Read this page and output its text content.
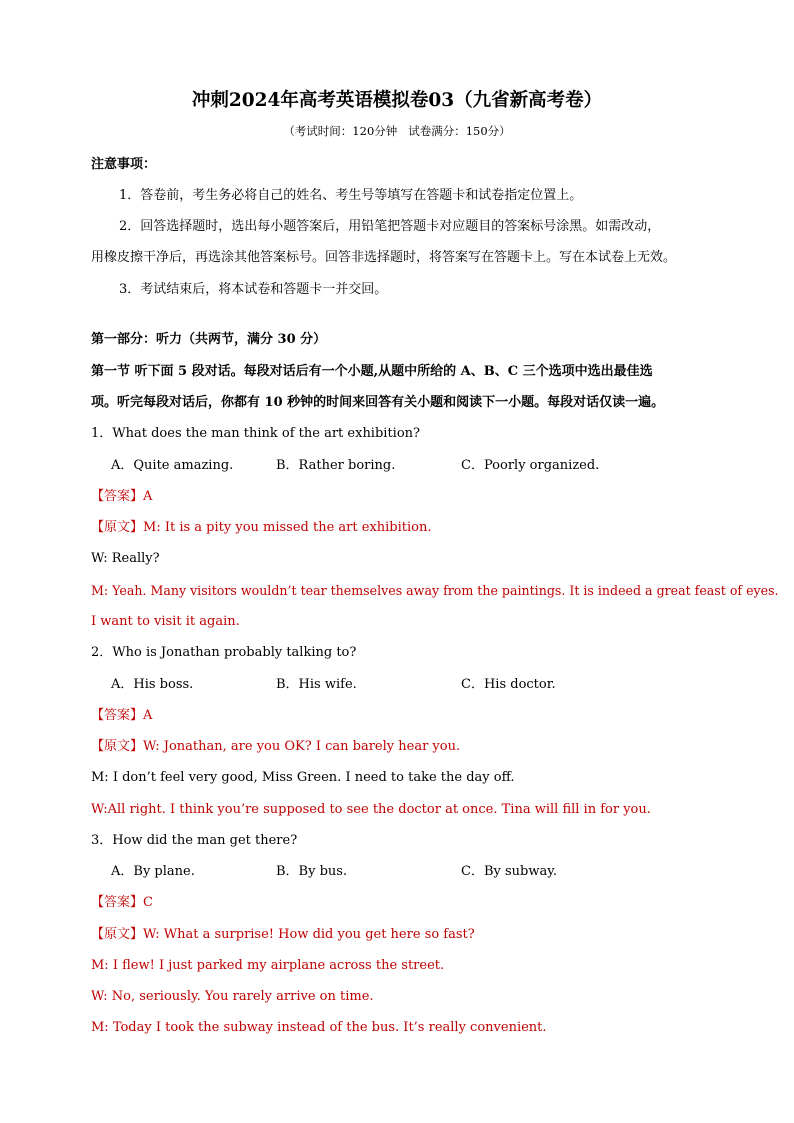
冲刺2024年高考英语模拟卷03（九省新高考卷）
（考试时间：120分钟   试卷满分：150分）
注意事项：
1．答卷前，考生务必将自己的姓名、考生号等填写在答题卡和试卷指定位置上。
2．回答选择题时，选出每小题答案后，用铅笔把答题卡对应题目的答案标号涂黑。如需改动，
用橡皮擦干净后，再选涂其他答案标号。回答非选择题时，将答案写在答题卡上。写在本试卷上无效。
3．考试结束后，将本试卷和答题卡一并交回。
第一部分：听力（共两节，满分 30 分）
第一节 听下面 5 段对话。每段对话后有一个小题,从题中所给的 A、B、C 三个选项中选出最佳选
项。听完每段对话后，你都有 10 秒钟的时间来回答有关小题和阅读下一小题。每段对话仅读一遍。
1．What does the man think of the art exhibition?
A．Quite amazing.	B．Rather boring.	C．Poorly organized.
【答案】A
【原文】M: It is a pity you missed the art exhibition.
W: Really?
M: Yeah. Many visitors wouldn’t tear themselves away from the paintings. It is indeed a great feast of eyes.
I want to visit it again.
2．Who is Jonathan probably talking to?
A．His boss.	B．His wife.	C．His doctor.
【答案】A
【原文】W: Jonathan, are you OK? I can barely hear you.
M: I don’t feel very good, Miss Green. I need to take the day off.
W:All right. I think you’re supposed to see the doctor at once. Tina will fill in for you.
3．How did the man get there?
A．By plane.	B．By bus.	C．By subway.
【答案】C
【原文】W: What a surprise! How did you get here so fast?
M: I flew! I just parked my airplane across the street.
W: No, seriously. You rarely arrive on time.
M: Today I took the subway instead of the bus. It’s really convenient.
